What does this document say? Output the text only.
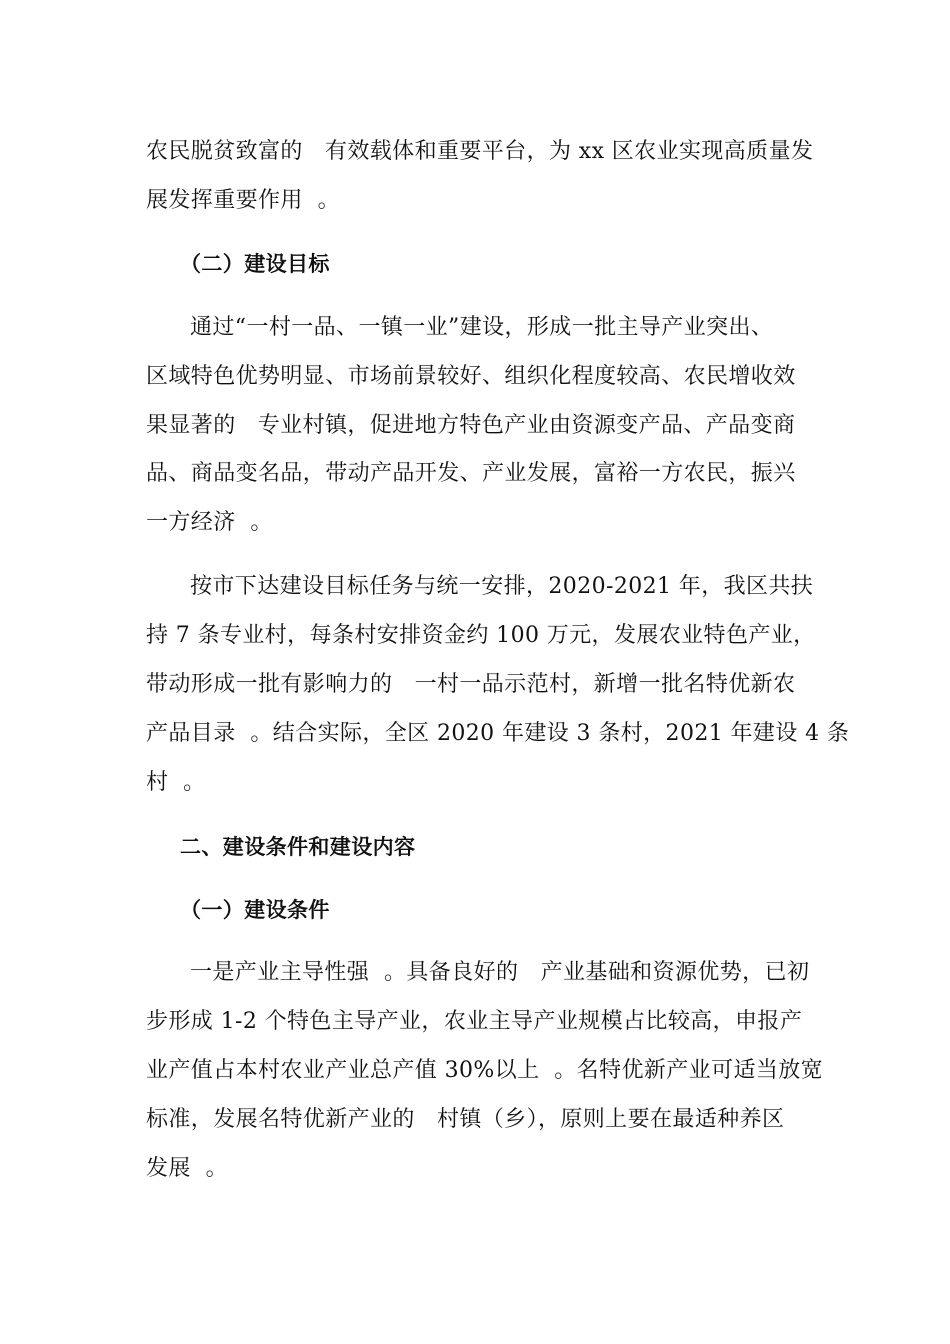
农民脱贫致富的   有效载体和重要平台，为 xx 区农业实现高质量发
展发挥重要作用  。
（二）建设目标
通过“一村一品、一镇一业”建设，形成一批主导产业突出、
区域特色优势明显、市场前景较好、组织化程度较高、农民增收效
果显著的   专业村镇，促进地方特色产业由资源变产品、产品变商
品、商品变名品，带动产品开发、产业发展，富裕一方农民，振兴
一方经济  。
按市下达建设目标任务与统一安排，2020-2021 年，我区共扶
持 7 条专业村，每条村安排资金约 100 万元，发展农业特色产业，
带动形成一批有影响力的   一村一品示范村，新增一批名特优新农
产品目录  。结合实际，全区 2020 年建设 3 条村，2021 年建设 4 条
村  。
二、建设条件和建设内容
（一）建设条件
一是产业主导性强  。具备良好的   产业基础和资源优势，已初
步形成 1-2 个特色主导产业，农业主导产业规模占比较高，申报产
业产值占本村农业产业总产值 30%以上  。名特优新产业可适当放宽
标准，发展名特优新产业的   村镇（乡），原则上要在最适种养区
发展  。
